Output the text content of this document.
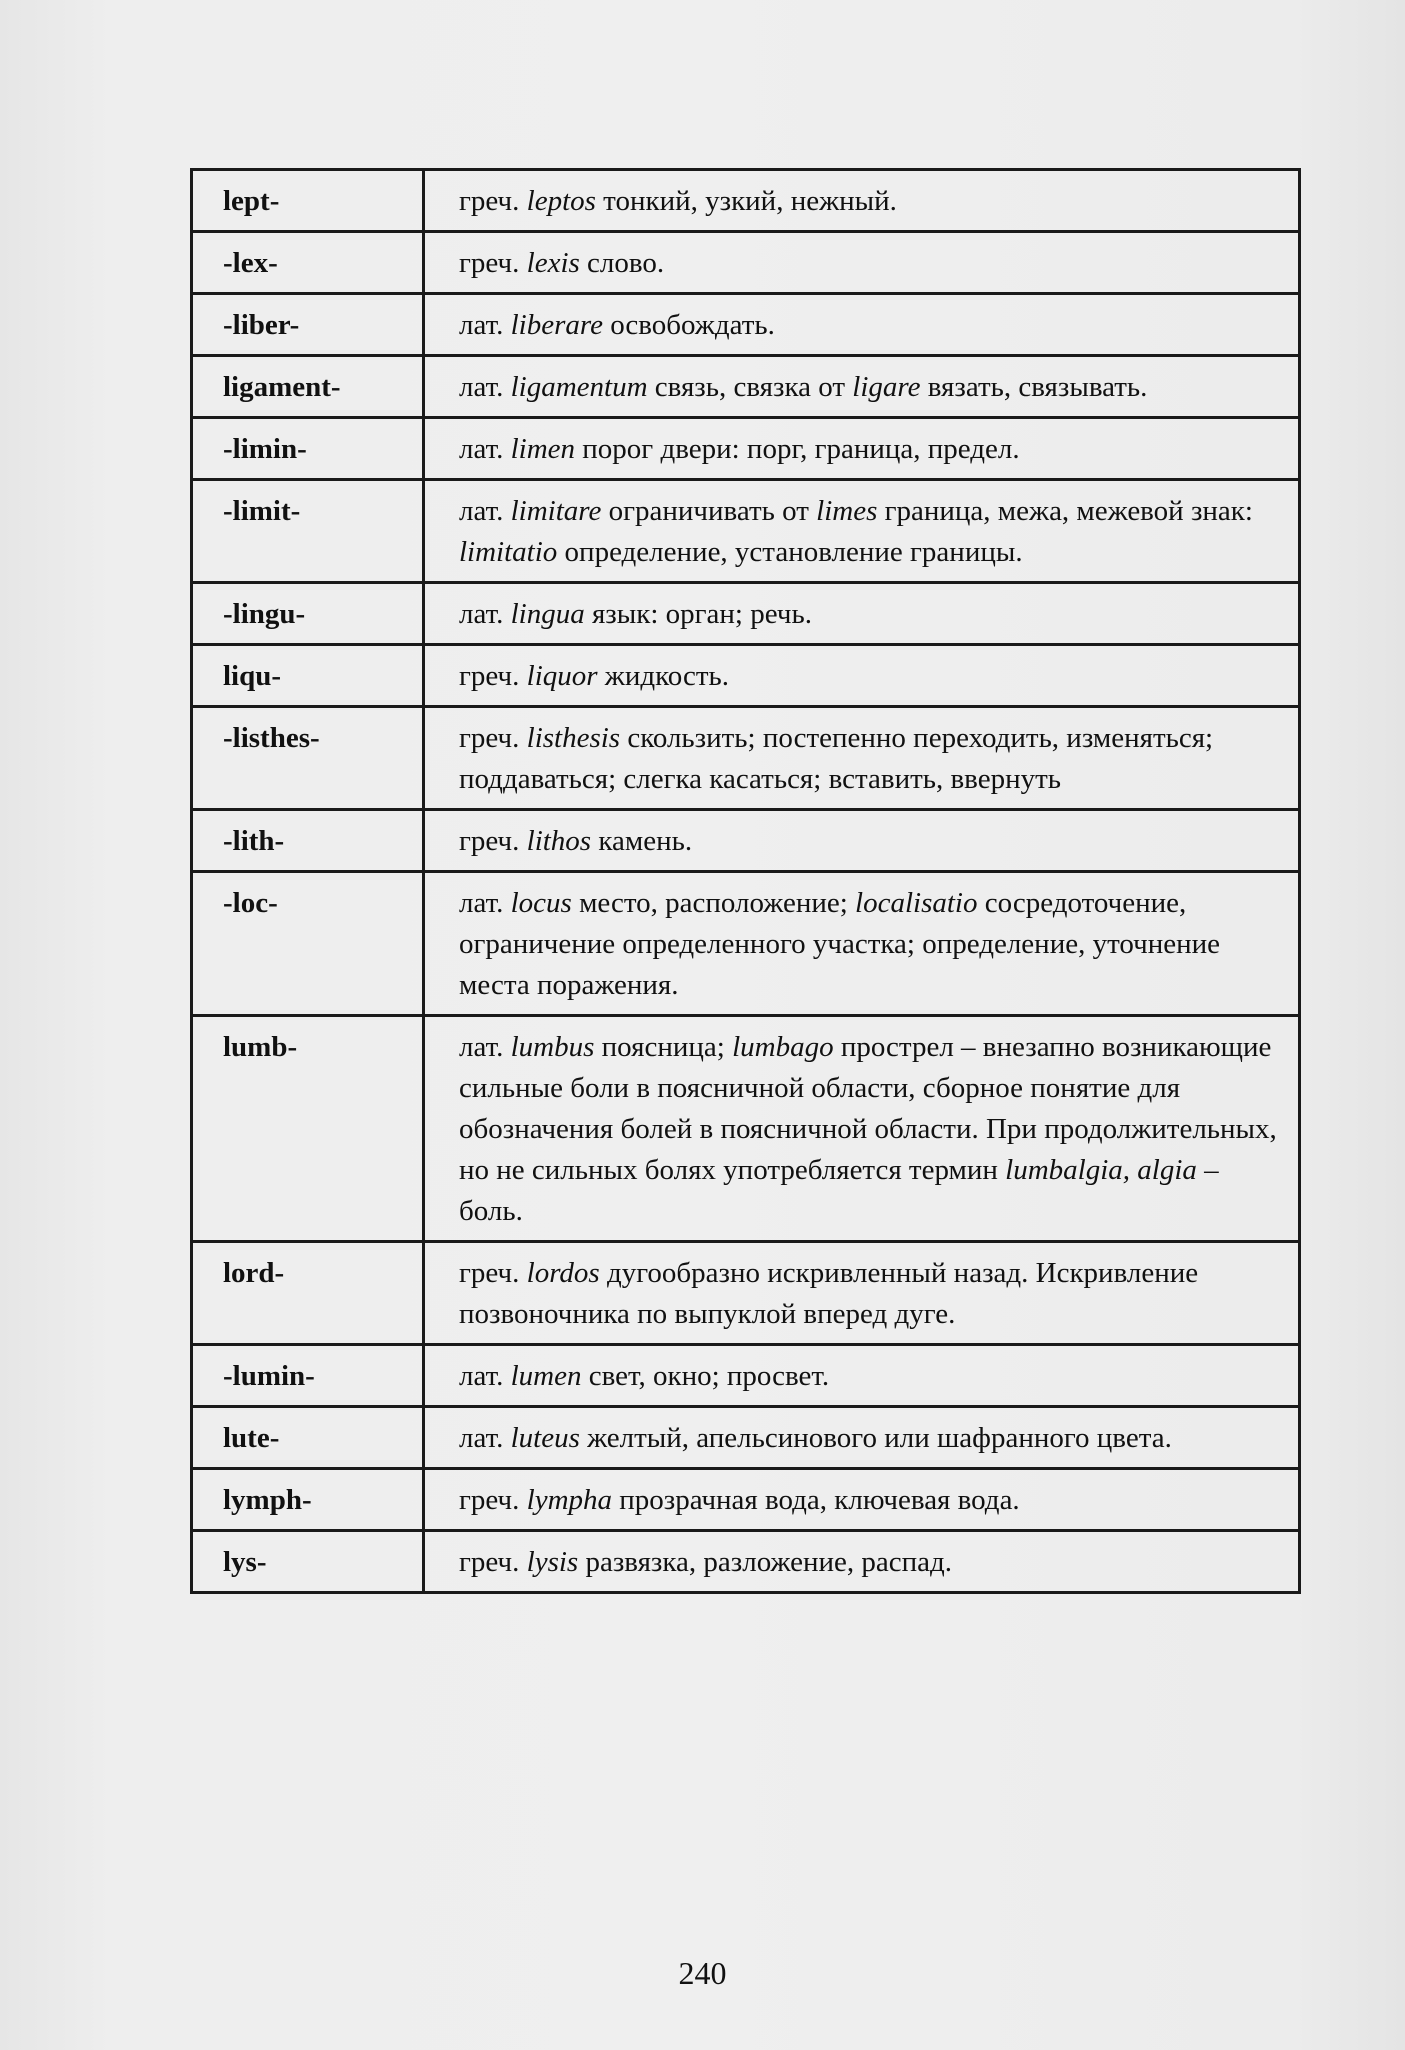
lept-	греч. leptos тонкий, узкий, нежный.
-lex-	греч. lexis слово.
-liber-	лат. liberare освобождать.
ligament-	лат. ligamentum связь, связка от ligare вязать, связывать.
-limin-	лат. limen порог двери: порг, граница, предел.
-limit-	лат. limitare ограничивать от limes граница, межа, межевой знак: limitatio определение, установление границы.
-lingu-	лат. lingua язык: орган; речь.
liqu-	греч. liquor жидкость.
-listhes-	греч. listhesis скользить; постепенно переходить, изменяться; поддаваться; слегка касаться; вставить, ввернуть
-lith-	греч. lithos камень.
-loc-	лат. locus место, расположение; localisatio сосредоточение, ограничение определенного участка; определение, уточнение места поражения.
lumb-	лат. lumbus поясница; lumbago прострел – внезапно возникающие сильные боли в поясничной области, сборное понятие для обозначения болей в поясничной области. При продолжительных, но не сильных болях употребляется термин lumbalgia, algia – боль.
lord-	греч. lordos дугообразно искривленный назад. Искривление позвоночника по выпуклой вперед дуге.
-lumin-	лат. lumen свет, окно; просвет.
lute-	лат. luteus желтый, апельсинового или шафранного цвета.
lymph-	греч. lympha прозрачная вода, ключевая вода.
lys-	греч. lysis развязка, разложение, распад.
240
